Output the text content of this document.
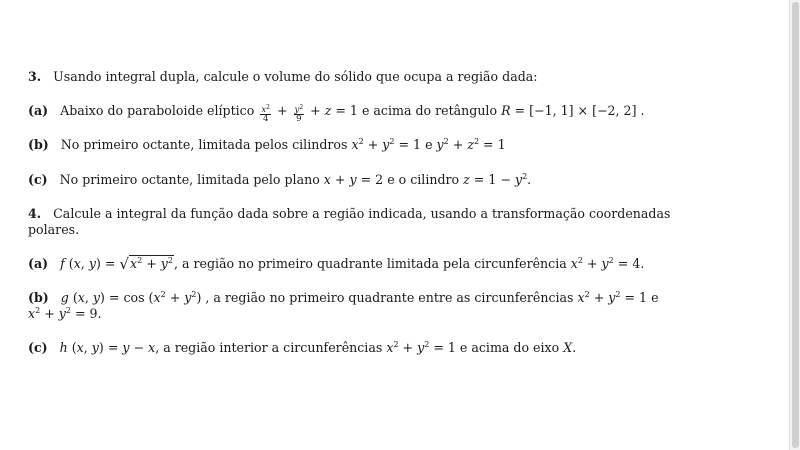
3. Usando integral dupla, calcule o volume do sólido que ocupa a região dada:
(a) Abaixo do paraboloide elíptico $\frac{x^2}{4} + \frac{y^2}{9} + z = 1$ e acima do retângulo R = [−1, 1] × [−2, 2] .
(b) No primeiro octante, limitada pelos cilindros $x^2 + y^2 = 1$ e $y^2 + z^2 = 1$
(c) No primeiro octante, limitada pelo plano x + y = 2 e o cilindro $z = 1 - y^2$.
4. Calcule a integral da função dada sobre a região indicada, usando a transformação coordenadas
polares.
(a) f (x, $y) = √x^2 + y^2$, a região no primeiro quadrante limitada pela circunferência $x^2 + y^2 = 4$.
(b) g (x, $y) = \cos (x^2 + y^2)$ , a região no primeiro quadrante entre as circunferências $x^2 + y^2 = 1$ e
$x^2 + y^2 = 9$.
(c) h (x, y) = y − x, a região interior a circunferências $x^2 + y^2 = 1$ e acima do eixo X.
